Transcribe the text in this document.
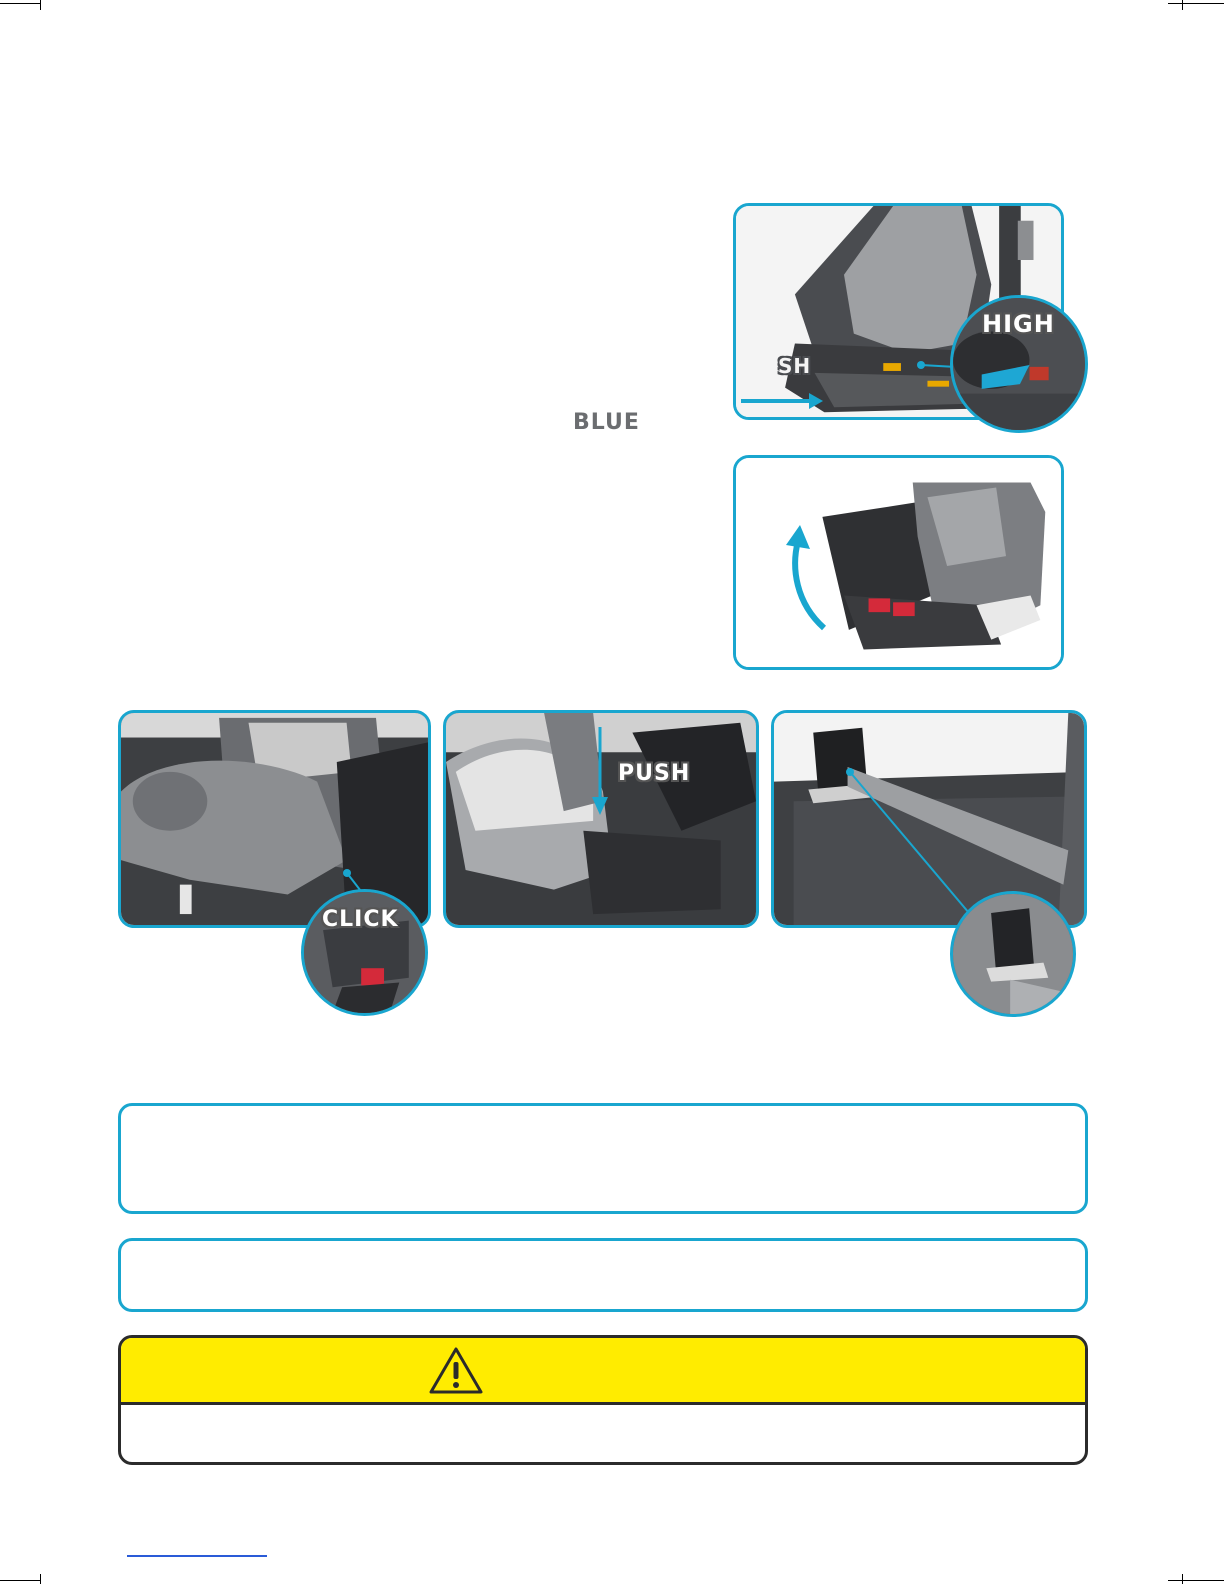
BLUE
SH
HIGH
CLICK
PUSH
